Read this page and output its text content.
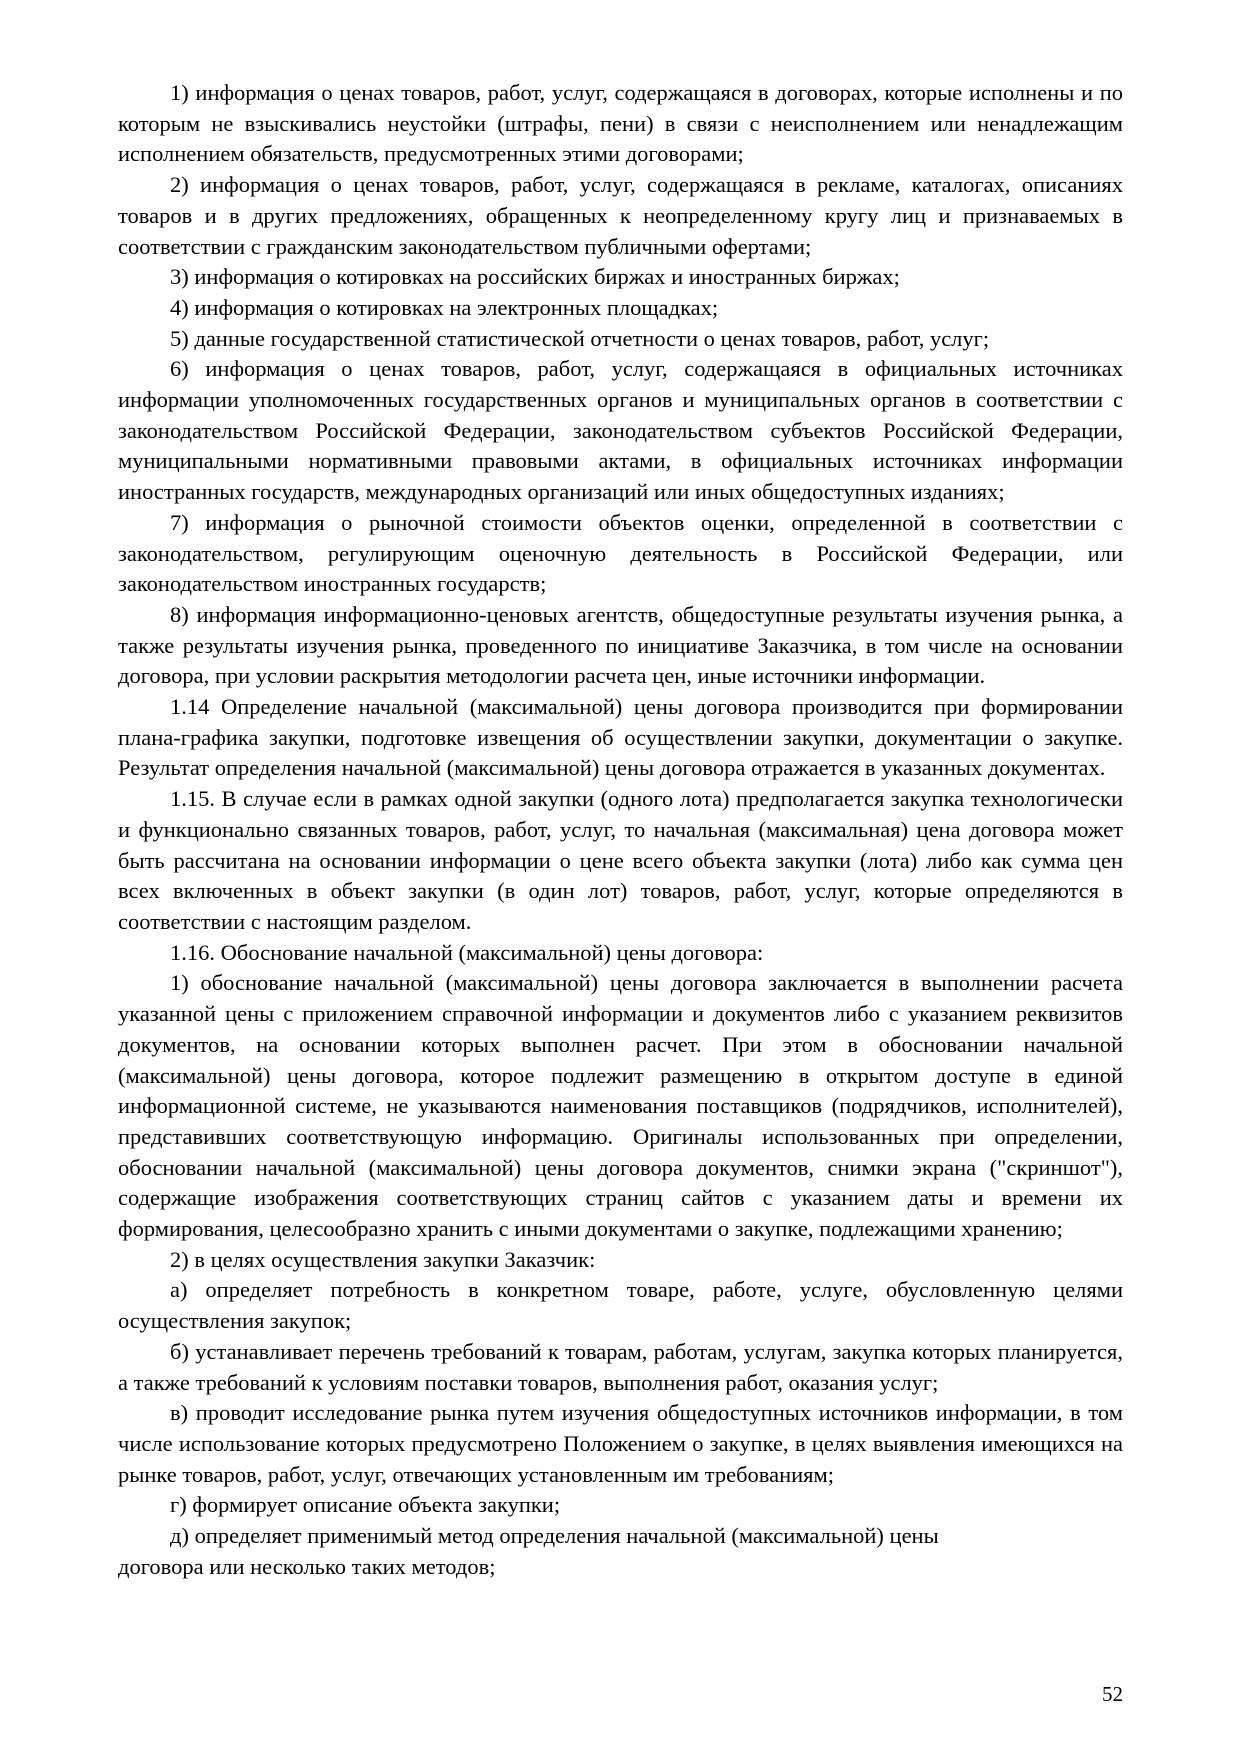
1) информация о ценах товаров, работ, услуг, содержащаяся в договорах, которые исполнены и по которым не взыскивались неустойки (штрафы, пени) в связи с неисполнением или ненадлежащим исполнением обязательств, предусмотренных этими договорами;

2) информация о ценах товаров, работ, услуг, содержащаяся в рекламе, каталогах, описаниях товаров и в других предложениях, обращенных к неопределенному кругу лиц и признаваемых в соответствии с гражданским законодательством публичными офертами;

3) информация о котировках на российских биржах и иностранных биржах;

4) информация о котировках на электронных площадках;

5) данные государственной статистической отчетности о ценах товаров, работ, услуг;

6) информация о ценах товаров, работ, услуг, содержащаяся в официальных источниках информации уполномоченных государственных органов и муниципальных органов в соответствии с законодательством Российской Федерации, законодательством субъектов Российской Федерации, муниципальными нормативными правовыми актами, в официальных источниках информации иностранных государств, международных организаций или иных общедоступных изданиях;

7) информация о рыночной стоимости объектов оценки, определенной в соответствии с законодательством, регулирующим оценочную деятельность в Российской Федерации, или законодательством иностранных государств;

8) информация информационно-ценовых агентств, общедоступные результаты изучения рынка, а также результаты изучения рынка, проведенного по инициативе Заказчика, в том числе на основании договора, при условии раскрытия методологии расчета цен, иные источники информации.

1.14 Определение начальной (максимальной) цены договора производится при формировании плана-графика закупки, подготовке извещения об осуществлении закупки, документации о закупке. Результат определения начальной (максимальной) цены договора отражается в указанных документах.

1.15. В случае если в рамках одной закупки (одного лота) предполагается закупка технологически и функционально связанных товаров, работ, услуг, то начальная (максимальная) цена договора может быть рассчитана на основании информации о цене всего объекта закупки (лота) либо как сумма цен всех включенных в объект закупки (в один лот) товаров, работ, услуг, которые определяются в соответствии с настоящим разделом.

1.16. Обоснование начальной (максимальной) цены договора:

1) обоснование начальной (максимальной) цены договора заключается в выполнении расчета указанной цены с приложением справочной информации и документов либо с указанием реквизитов документов, на основании которых выполнен расчет. При этом в обосновании начальной (максимальной) цены договора, которое подлежит размещению в открытом доступе в единой информационной системе, не указываются наименования поставщиков (подрядчиков, исполнителей), представивших соответствующую информацию. Оригиналы использованных при определении, обосновании начальной (максимальной) цены договора документов, снимки экрана ("скриншот"), содержащие изображения соответствующих страниц сайтов с указанием даты и времени их формирования, целесообразно хранить с иными документами о закупке, подлежащими хранению;

2) в целях осуществления закупки Заказчик:

а) определяет потребность в конкретном товаре, работе, услуге, обусловленную целями осуществления закупок;

б) устанавливает перечень требований к товарам, работам, услугам, закупка которых планируется, а также требований к условиям поставки товаров, выполнения работ, оказания услуг;

в) проводит исследование рынка путем изучения общедоступных источников информации, в том числе использование которых предусмотрено Положением о закупке, в целях выявления имеющихся на рынке товаров, работ, услуг, отвечающих установленным им требованиям;

г) формирует описание объекта закупки;

д) определяет применимый метод определения начальной (максимальной) цены

договора или несколько таких методов;

52
